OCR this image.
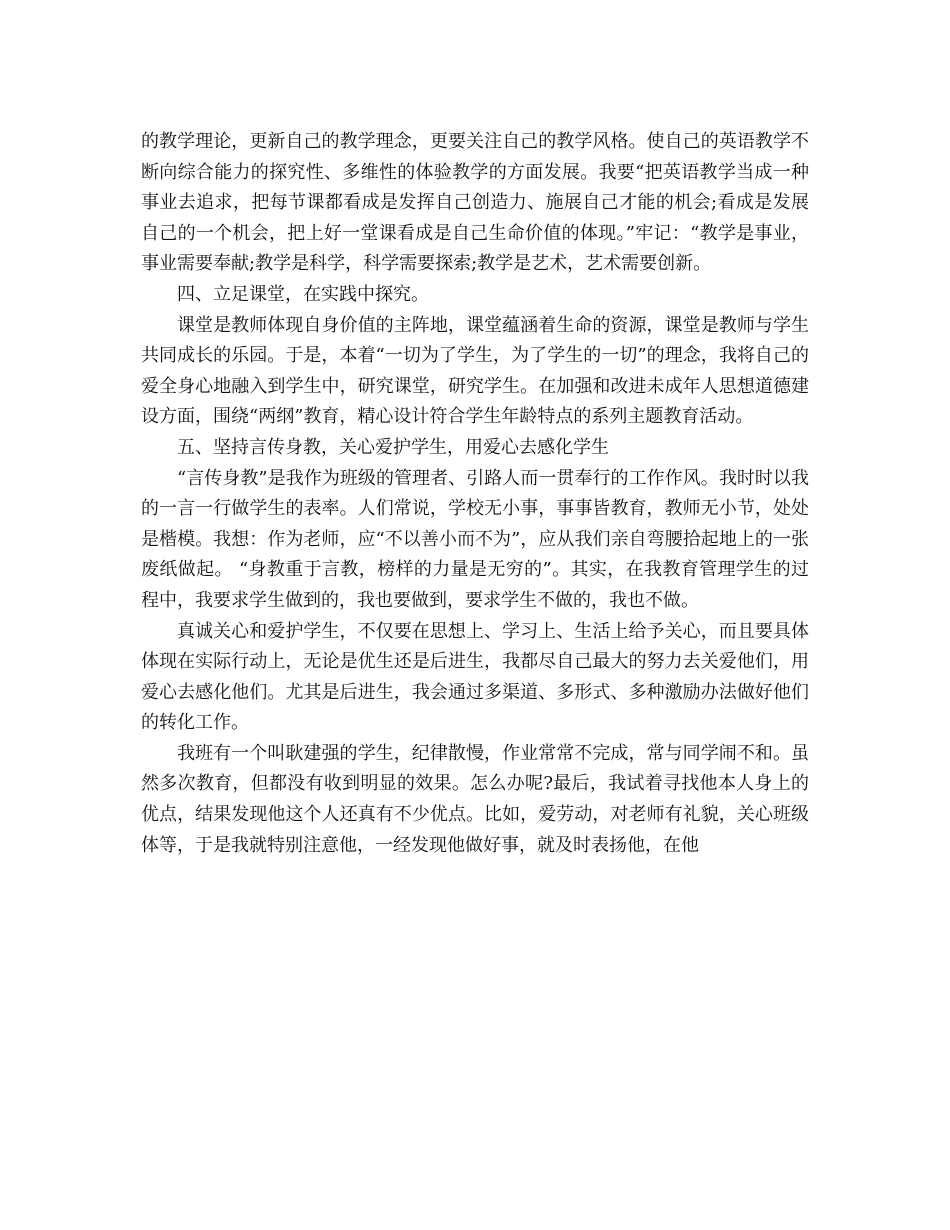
的教学理论，更新自己的教学理念，更要关注自己的教学风格。使自己的英语教学不断向综合能力的探究性、多维性的体验教学的方面发展。我要“把英语教学当成一种事业去追求，把每节课都看成是发挥自己创造力、施展自己才能的机会;看成是发展自己的一个机会，把上好一堂课看成是自己生命价值的体现。”牢记：“教学是事业，事业需要奉献;教学是科学，科学需要探索;教学是艺术，艺术需要创新。

四、立足课堂，在实践中探究。

课堂是教师体现自身价值的主阵地，课堂蕴涵着生命的资源，课堂是教师与学生共同成长的乐园。于是，本着“一切为了学生，为了学生的一切”的理念，我将自己的爱全身心地融入到学生中，研究课堂，研究学生。在加强和改进未成年人思想道德建设方面，围绕“两纲”教育，精心设计符合学生年龄特点的系列主题教育活动。

五、坚持言传身教，关心爱护学生，用爱心去感化学生

“言传身教”是我作为班级的管理者、引路人而一贯奉行的工作作风。我时时以我的一言一行做学生的表率。人们常说，学校无小事，事事皆教育，教师无小节，处处是楷模。我想：作为老师，应“不以善小而不为”，应从我们亲自弯腰拾起地上的一张废纸做起。 “身教重于言教，榜样的力量是无穷的”。其实，在我教育管理学生的过程中，我要求学生做到的，我也要做到，要求学生不做的，我也不做。

真诚关心和爱护学生，不仅要在思想上、学习上、生活上给予关心，而且要具体体现在实际行动上，无论是优生还是后进生，我都尽自己最大的努力去关爱他们，用爱心去感化他们。尤其是后进生，我会通过多渠道、多形式、多种激励办法做好他们的转化工作。

我班有一个叫耿建强的学生，纪律散慢，作业常常不完成，常与同学闹不和。虽然多次教育，但都没有收到明显的效果。怎么办呢?最后，我试着寻找他本人身上的优点，结果发现他这个人还真有不少优点。比如，爱劳动，对老师有礼貌，关心班级体等，于是我就特别注意他，一经发现他做好事，就及时表扬他，在他
